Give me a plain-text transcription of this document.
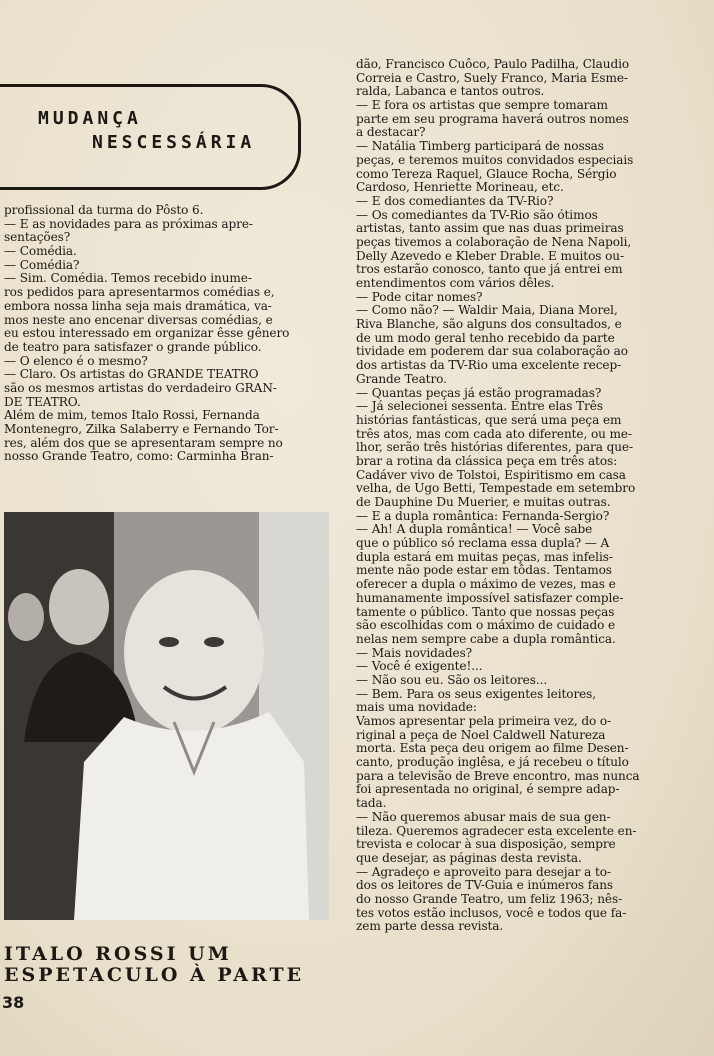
MUDANÇA
NESCESSÁRIA
profissional da turma do Pôsto 6.
— E as novidades para as próximas apre-
sentações?
— Comédia.
— Comédia?
— Sim. Comédia. Temos recebido inume-
ros pedidos para apresentarmos comédias e,
embora nossa linha seja mais dramática, va-
mos neste ano encenar diversas comédias, e
eu estou interessado em organizar êsse gênero
de teatro para satisfazer o grande público.
— O elenco é o mesmo?
— Claro. Os artistas do GRANDE TEATRO
são os mesmos artistas do verdadeiro GRAN-
DE TEATRO.
Além de mim, temos Italo Rossi, Fernanda
Montenegro, Zilka Salaberry e Fernando Tor-
res, além dos que se apresentaram sempre no
nosso Grande Teatro, como: Carminha Bran-
dão, Francisco Cuôco, Paulo Padilha, Claudio
Correia e Castro, Suely Franco, Maria Esme-
ralda, Labanca e tantos outros.
— E fora os artistas que sempre tomaram
parte em seu programa haverá outros nomes
a destacar?
— Natália Timberg participará de nossas
peças, e teremos muitos convidados especiais
como Tereza Raquel, Glauce Rocha, Sérgio
Cardoso, Henriette Morineau, etc.
— E dos comediantes da TV-Rio?
— Os comediantes da TV-Rio são ótimos
artistas, tanto assim que nas duas primeiras
peças tivemos a colaboração de Nena Napoli,
Delly Azevedo e Kleber Drable. E muitos ou-
tros estarão conosco, tanto que já entrei em
entendimentos com vários dêles.
— Pode citar nomes?
— Como não? — Waldir Maia, Diana Morel,
Riva Blanche, são alguns dos consultados, e
de um modo geral tenho recebido da parte
tividade em poderem dar sua colaboração ao
dos artistas da TV-Rio uma excelente recep-
Grande Teatro.
— Quantas peças já estão programadas?
— Já selecionei sessenta. Entre elas Três
histórias fantásticas, que será uma peça em
três atos, mas com cada ato diferente, ou me-
lhor, serão três histórias diferentes, para que-
brar a rotina da clássica peça em três atos:
Cadáver vivo de Tolstoi, Espiritismo em casa
velha, de Ugo Betti, Tempestade em setembro
de Dauphine Du Muerier, e muitas outras.
— E a dupla romântica: Fernanda-Sergio?
— Ah! A dupla romântica! — Você sabe
que o público só reclama essa dupla? — A
dupla estará em muitas peças, mas infelis-
mente não pode estar em tôdas. Tentamos
oferecer a dupla o máximo de vezes, mas e
humanamente impossível satisfazer comple-
tamente o público. Tanto que nossas peças
são escolhidas com o máximo de cuidado e
nelas nem sempre cabe a dupla romântica.
— Mais novidades?
— Você é exigente!...
— Não sou eu. São os leitores...
— Bem. Para os seus exigentes leitores,
mais uma novidade:
Vamos apresentar pela primeira vez, do o-
riginal a peça de Noel Caldwell Natureza
morta. Esta peça deu origem ao filme Desen-
canto, produção inglêsa, e já recebeu o título
para a televisão de Breve encontro, mas nunca
foi apresentada no original, é sempre adap-
tada.
— Não queremos abusar mais de sua gen-
tileza. Queremos agradecer esta excelente en-
trevista e colocar à sua disposição, sempre
que desejar, as páginas desta revista.
— Agradeço e aproveito para desejar a to-
dos os leitores de TV-Guia e inúmeros fans
do nosso Grande Teatro, um feliz 1963; nês-
tes votos estão inclusos, você e todos que fa-
zem parte dessa revista.
ITALO ROSSI UM
ESPETACULO À PARTE
38
